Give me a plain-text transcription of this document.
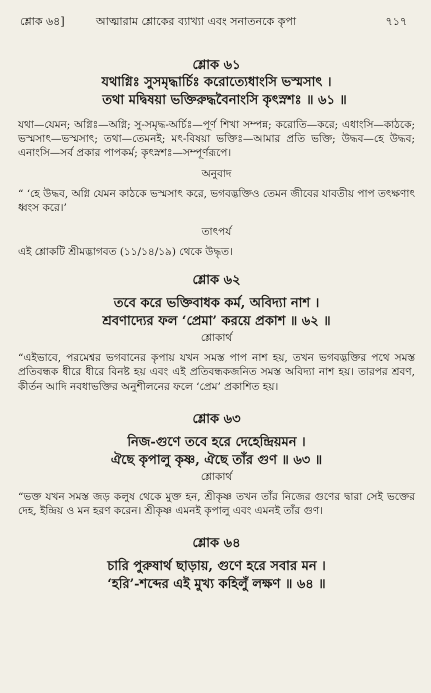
শ্লোক ৬৪]	আত্মারাম শ্লোকের ব্যাখ্যা এবং সনাতনকে কৃপা	৭১৭
শ্লোক ৬১
যথাগ্নিঃ সুসমৃদ্ধার্চিঃ করোত্যেধাংসি ভস্মসাৎ ।
তথা মদ্বিষয়া ভক্তিরুদ্ধবৈনাংসি কৃৎস্নশঃ ॥ ৬১ ॥
যথা—যেমন; অগ্নিঃ—অগ্নি; সু-সমৃদ্ধ-অর্চিঃ—পূর্ণ শিখা সম্পন্ন; করোতি—করে; এধাংসি—কাঠকে; ভস্মসাৎ—ভস্মসাৎ; তথা—তেমনই; মৎ-বিষয়া ভক্তিঃ—আমার প্রতি ভক্তি; উদ্ধব—হে উদ্ধব; এনাংসি—সর্ব প্রকার পাপকর্ম; কৃৎস্নশঃ—সম্পূর্ণরূপে।
অনুবাদ
“ ‘হে উদ্ধব, অগ্নি যেমন কাঠকে ভস্মসাৎ করে, ভগবদ্ভক্তিও তেমন জীবের যাবতীয় পাপ তৎক্ষণাৎ ধ্বংস করে।’
তাৎপর্য
এই শ্লোকটি শ্রীমদ্ভাগবত (১১/১৪/১৯) থেকে উদ্ধৃত।
শ্লোক ৬২
তবে করে ভক্তিবাধক কর্ম, অবিদ্যা নাশ ।
শ্রবণাদ্যের ফল ‘প্রেমা’ করয়ে প্রকাশ ॥ ৬২ ॥
শ্লোকার্থ
“এইভাবে, পরমেশ্বর ভগবানের কৃপায় যখন সমস্ত পাপ নাশ হয়, তখন ভগবদ্ভক্তির পথে সমস্ত প্রতিবন্ধক ধীরে ধীরে বিনষ্ট হয় এবং এই প্রতিবন্ধকজনিত সমস্ত অবিদ্যা নাশ হয়। তারপর শ্রবণ, কীর্তন আদি নবধাভক্তির অনুশীলনের ফলে ‘প্রেম’ প্রকাশিত হয়।
শ্লোক ৬৩
নিজ-গুণে তবে হরে দেহেন্দ্রিয়মন ।
ঐছে কৃপালু কৃষ্ণ, ঐছে তাঁর গুণ ॥ ৬৩ ॥
শ্লোকার্থ
“ভক্ত যখন সমস্ত জড় কলুষ থেকে মুক্ত হন, শ্রীকৃষ্ণ তখন তাঁর নিজের গুণের দ্বারা সেই ভক্তের দেহ, ইন্দ্রিয় ও মন হরণ করেন। শ্রীকৃষ্ণ এমনই কৃপালু এবং এমনই তাঁর গুণ।
শ্লোক ৬৪
চারি পুরুষার্থ ছাড়ায়, গুণে হরে সবার মন ।
‘হরি’-শব্দের এই মুখ্য কহিলুঁ লক্ষণ ॥ ৬৪ ॥
